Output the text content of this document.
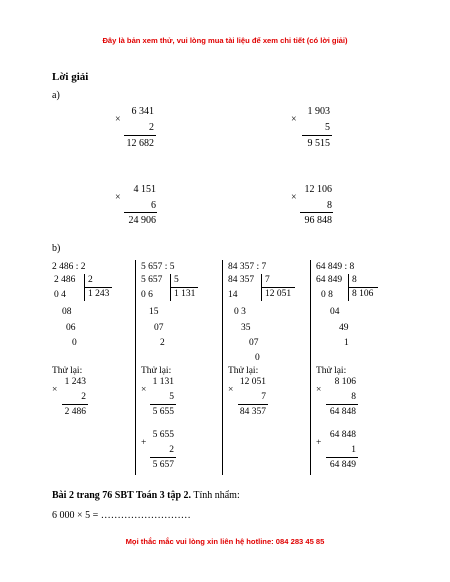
Đây là bản xem thử, vui lòng mua tài liệu để xem chi tiết (có lời giải)
Mọi thắc mắc vui lòng xin liên hệ hotline: 084 283 45 85
Lời giải
a)
6 341
×
2
12 682
1 903
×
5
9 515
4 151
×
6
24 906
12 106
×
8
96 848
b)
2 486 : 2
2 486 2
1 243
0 4
08
06
0
Thử lại:
1 243
×
2
2 486
5 657 : 5
5 657 5
1 131
0 6
15
07
2
Thử lại:
1 131
×
5
5 655
5 655
+
2
5 657
84 357 : 7
84 357 7
12 051
14
0 3
35
07
0
Thử lại:
12 051
×
7
84 357
64 849 : 8
64 849 8
8 106
0 8
04
49
1
Thử lại:
8 106
×
8
64 848
64 848
+
1
64 849
Bài 2 trang 76 SBT Toán 3 tập 2. Tính nhẩm:
6 000 × 5 = ………………………
